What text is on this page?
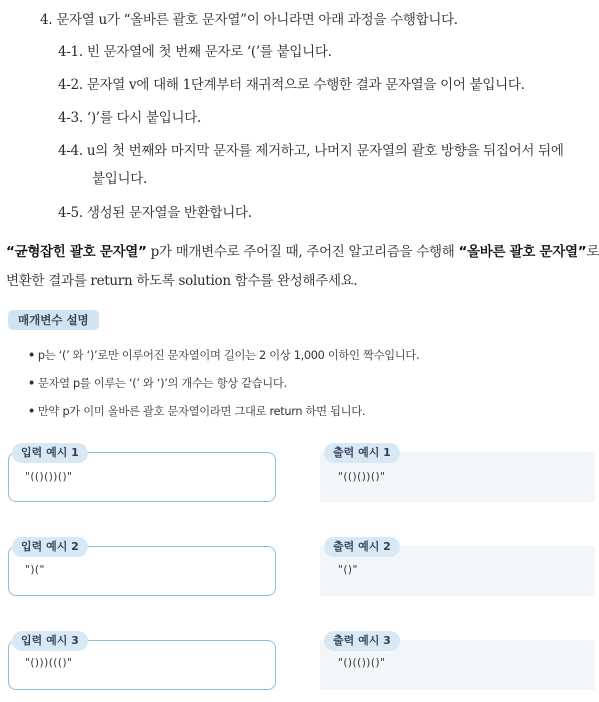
4. 문자열 u가 “올바른 괄호 문자열”이 아니라면 아래 과정을 수행합니다.
4-1. 빈 문자열에 첫 번째 문자로 ‘(’를 붙입니다.
4-2. 문자열 v에 대해 1단계부터 재귀적으로 수행한 결과 문자열을 이어 붙입니다.
4-3. ‘)’를 다시 붙입니다.
4-4. u의 첫 번째와 마지막 문자를 제거하고, 나머지 문자열의 괄호 방향을 뒤집어서 뒤에
붙입니다.
4-5. 생성된 문자열을 반환합니다.
“균형잡힌 괄호 문자열” p가 매개변수로 주어질 때, 주어진 알고리즘을 수행해 “올바른 괄호 문자열”로
변환한 결과를 return 하도록 solution 함수를 완성해주세요.
매개변수 설명
• p는 ‘(’ 와 ‘)’로만 이루어진 문자열이며 길이는 2 이상 1,000 이하인 짝수입니다.
• 문자열 p를 이루는 ‘(’ 와 ‘)’의 개수는 항상 같습니다.
• 만약 p가 이미 올바른 괄호 문자열이라면 그대로 return 하면 됩니다.
입력 예시 1
"(()())()"
출력 예시 1
"(()())()"
입력 예시 2
")("
출력 예시 2
"()"
입력 예시 3
"()))((()"
출력 예시 3
"()(())()"
